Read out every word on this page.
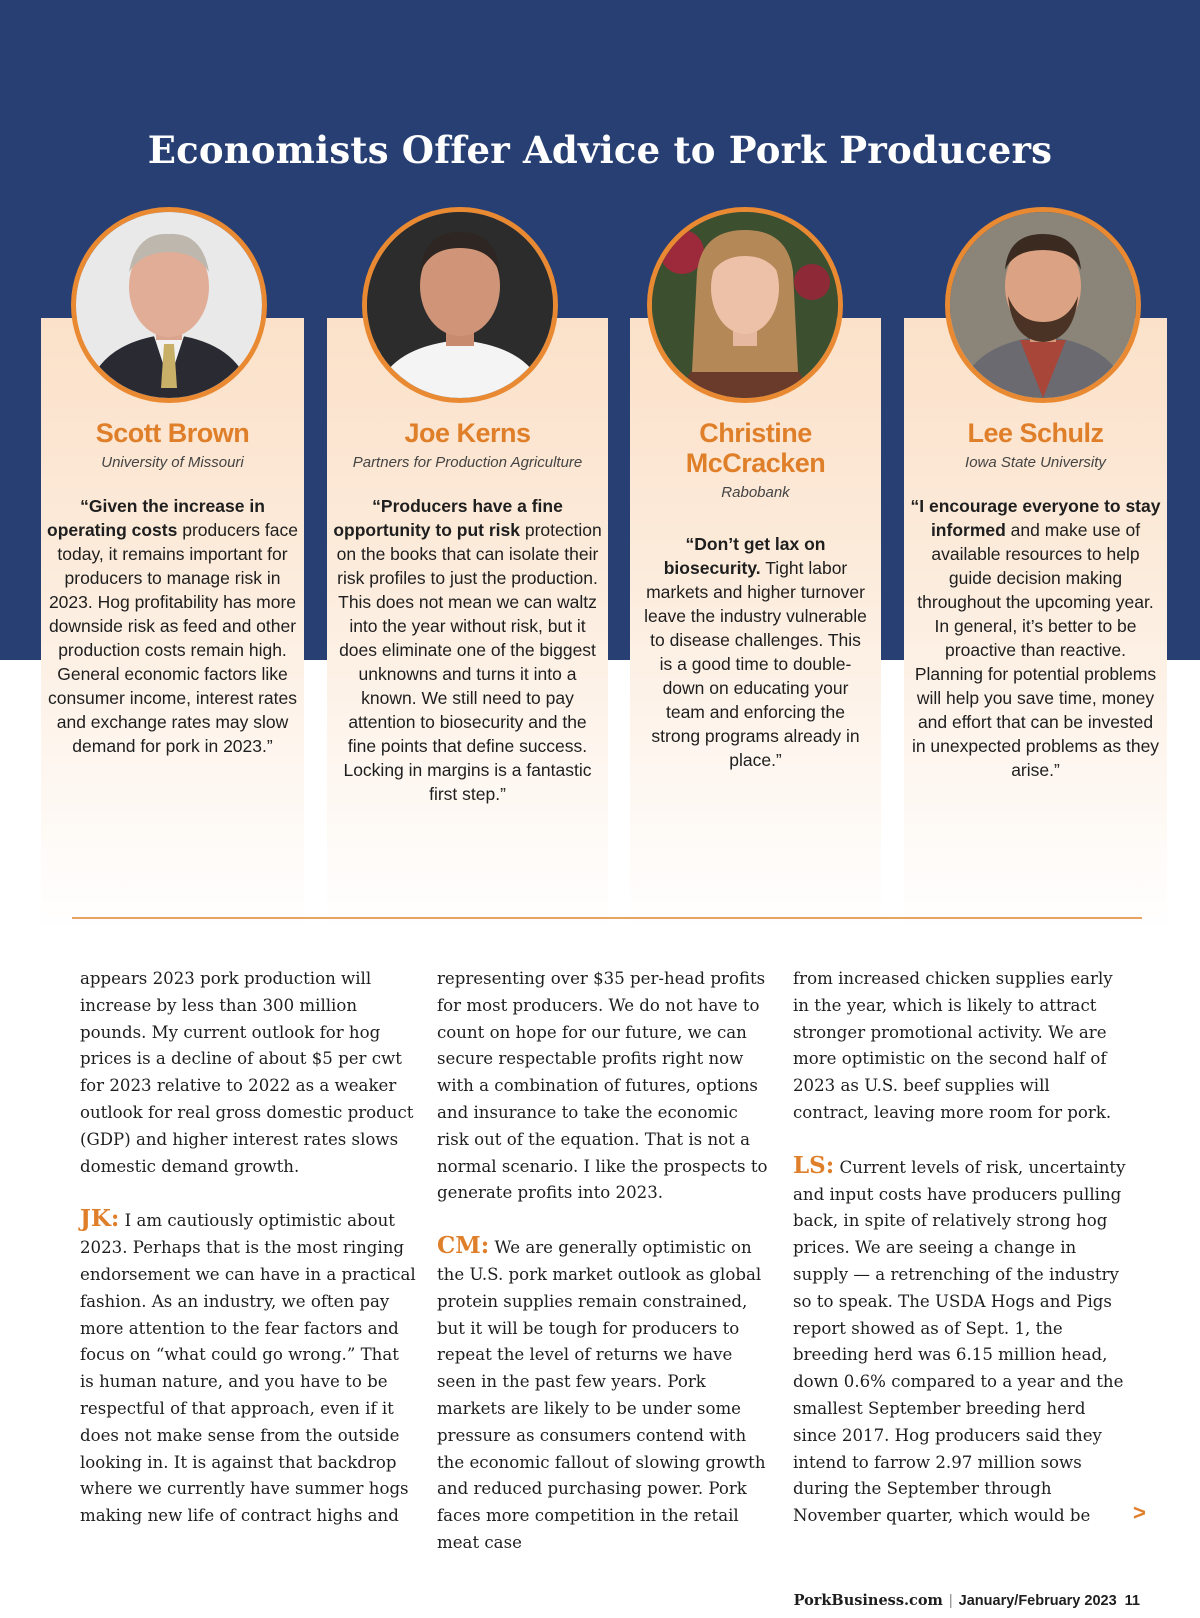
Economists Offer Advice to Pork Producers
Scott Brown
University of Missouri
“Given the increase in operating costs producers face today, it remains important for producers to manage risk in 2023. Hog profitability has more downside risk as feed and other production costs remain high. General economic factors like consumer income, interest rates and exchange rates may slow demand for pork in 2023.”
Joe Kerns
Partners for Production Agriculture
“Producers have a fine opportunity to put risk protection on the books that can isolate their risk profiles to just the production. This does not mean we can waltz into the year without risk, but it does eliminate one of the biggest unknowns and turns it into a known. We still need to pay attention to biosecurity and the fine points that define success. Locking in margins is a fantastic first step.”
Christine McCracken
Rabobank
“Don’t get lax on biosecurity. Tight labor markets and higher turnover leave the industry vulnerable to disease challenges. This is a good time to double-down on educating your team and enforcing the strong programs already in place.”
Lee Schulz
Iowa State University
“I encourage everyone to stay informed and make use of available resources to help guide decision making throughout the upcoming year. In general, it’s better to be proactive than reactive. Planning for potential problems will help you save time, money and effort that can be invested in unexpected problems as they arise.”

appears 2023 pork production will increase by less than 300 million pounds. My current outlook for hog prices is a decline of about $5 per cwt for 2023 relative to 2022 as a weaker outlook for real gross domestic product (GDP) and higher interest rates slows domestic demand growth.

JK: I am cautiously optimistic about 2023. Perhaps that is the most ringing endorsement we can have in a practical fashion. As an industry, we often pay more attention to the fear factors and focus on “what could go wrong.” That is human nature, and you have to be respectful of that approach, even if it does not make sense from the outside looking in. It is against that backdrop where we currently have summer hogs making new life of contract highs and

representing over $35 per-head profits for most producers. We do not have to count on hope for our future, we can secure respectable profits right now with a combination of futures, options and insurance to take the economic risk out of the equation. That is not a normal scenario. I like the prospects to generate profits into 2023.

CM: We are generally optimistic on the U.S. pork market outlook as global protein supplies remain constrained, but it will be tough for producers to repeat the level of returns we have seen in the past few years. Pork markets are likely to be under some pressure as consumers contend with the economic fallout of slowing growth and reduced purchasing power. Pork faces more competition in the retail meat case

from increased chicken supplies early in the year, which is likely to attract stronger promotional activity. We are more optimistic on the second half of 2023 as U.S. beef supplies will contract, leaving more room for pork.

LS: Current levels of risk, uncertainty and input costs have producers pulling back, in spite of relatively strong hog prices. We are seeing a change in supply — a retrenching of the industry so to speak. The USDA Hogs and Pigs report showed as of Sept. 1, the breeding herd was 6.15 million head, down 0.6% compared to a year and the smallest September breeding herd since 2017. Hog producers said they intend to farrow 2.97 million sows during the September through November quarter, which would be	>
PorkBusiness.com | January/February 2023 11
